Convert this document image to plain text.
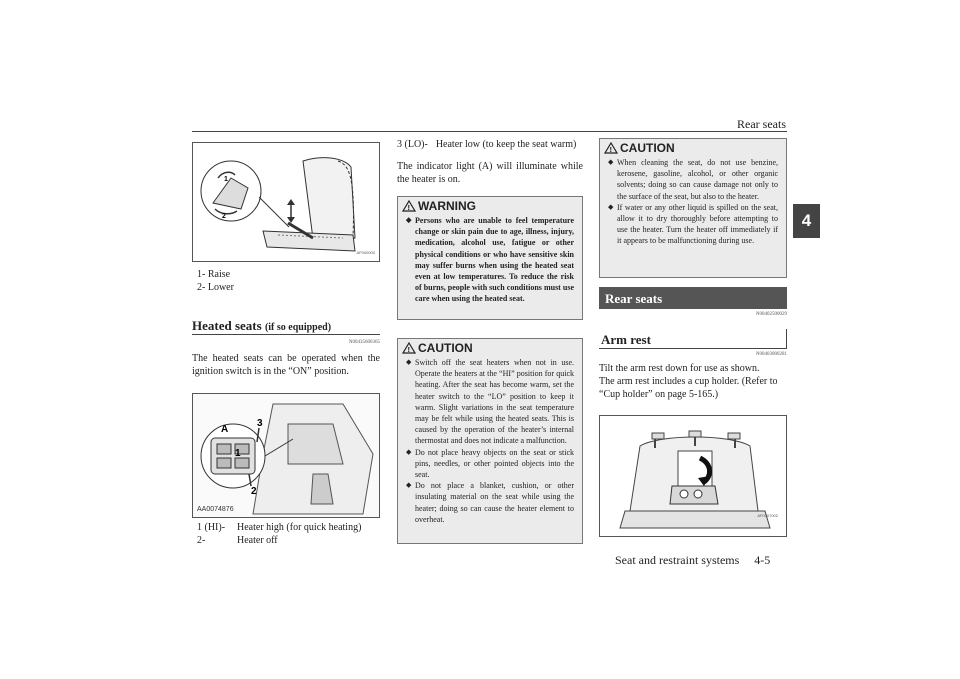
Rear seats
4
1
2
AF000000
1- Raise
2- Lower
Heated seats (if so equipped)
N00435600365
The heated seats can be operated when the ignition switch is in the “ON” position.
A
3
1
2
AA0074876
1 (HI)-	Heater high (for quick heating)
2-	Heater off
3 (LO)- Heater low (to keep the seat warm)
The indicator light (A) will illuminate while the heater is on.
! WARNING
◆ Persons who are unable to feel temperature change or skin pain due to age, illness, injury, medication, alcohol use, fatigue or other physical conditions or who have sensitive skin may suffer burns when using the heated seat even at low temperatures. To reduce the risk of burns, people with such conditions must use care when using the heated seat.
! CAUTION
◆ Switch off the seat heaters when not in use. Operate the heaters at the “HI” position for quick heating. After the seat has become warm, set the heater switch to the “LO” position to keep it warm. Slight variations in the seat temperature may be felt while using the heated seats. This is caused by the operation of the heater’s internal thermostat and does not indicate a malfunction.
◆ Do not place heavy objects on the seat or stick pins, needles, or other pointed objects into the seat.
◆ Do not place a blanket, cushion, or other insulating material on the seat while using the heater; doing so can cause the heater element to overheat.
! CAUTION
◆ When cleaning the seat, do not use benzine, kerosene, gasoline, alcohol, or other organic solvents; doing so can cause damage not only to the surface of the seat, but also to the heater.
◆ If water or any other liquid is spilled on the seat, allow it to dry thoroughly before attempting to use the heater. Turn the heater off immediately if it appears to be malfunctioning during use.
Rear seats
N00402500029
Arm rest
N00403000281
Tilt the arm rest down for use as shown.
The arm rest includes a cup holder. (Refer to “Cup holder” on page 5-165.)
AF0007002
Seat and restraint systems     4-5
